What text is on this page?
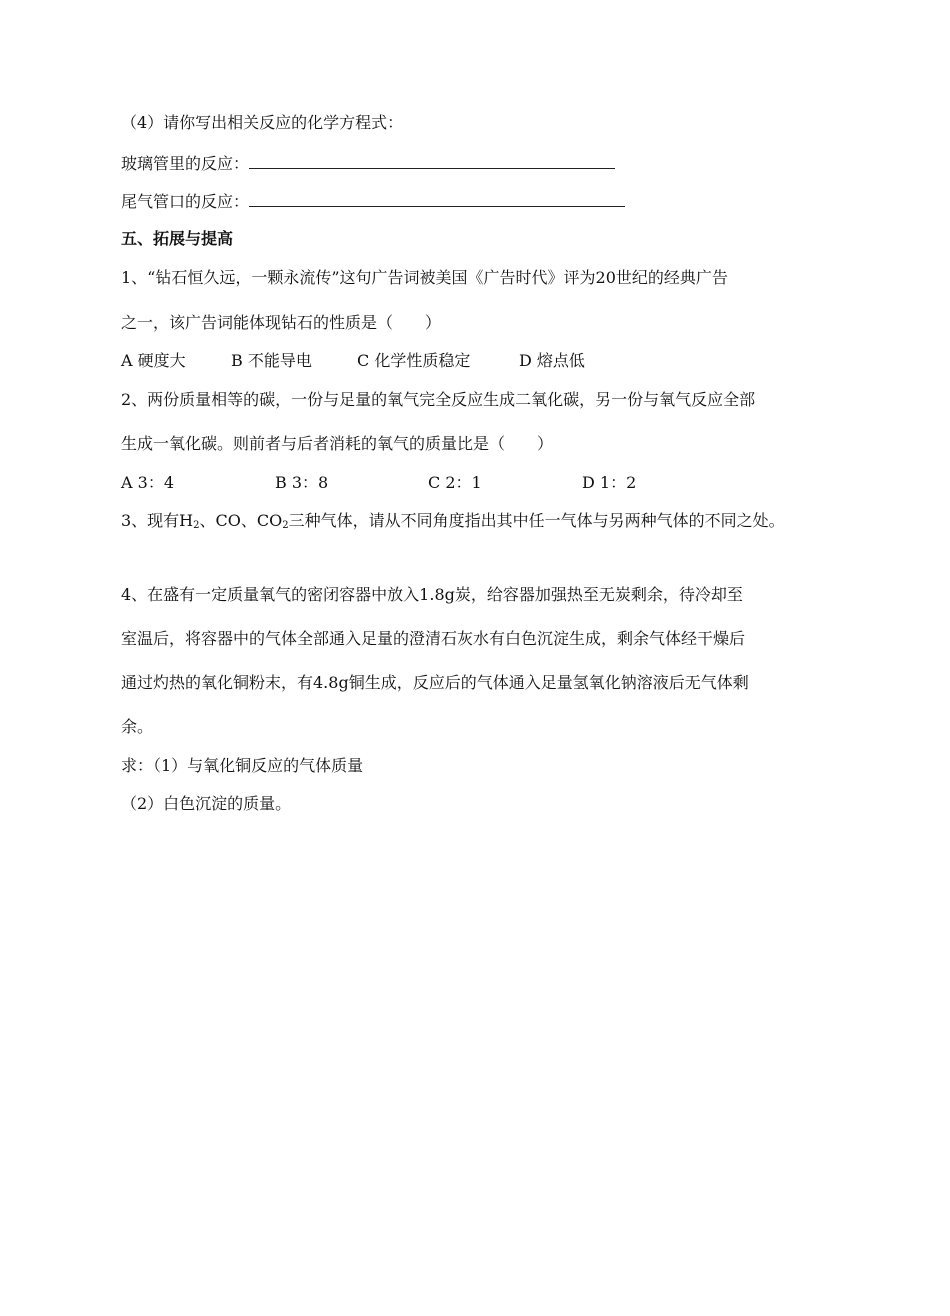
（4）请你写出相关反应的化学方程式：
玻璃管里的反应：
尾气管口的反应：
五、拓展与提高
1、“钻石恒久远，一颗永流传”这句广告词被美国《广告时代》评为20世纪的经典广告
之一，该广告词能体现钻石的性质是（　　）
A 硬度大	B 不能导电	C 化学性质稳定	D 熔点低
2、两份质量相等的碳，一份与足量的氧气完全反应生成二氧化碳，另一份与氧气反应全部
生成一氧化碳。则前者与后者消耗的氧气的质量比是（　　）
A 3：4	B 3：8	C 2：1	D 1：2
3、现有$H_2$、CO、$CO_2$三种气体，请从不同角度指出其中任一气体与另两种气体的不同之处。
4、在盛有一定质量氧气的密闭容器中放入1.8g炭，给容器加强热至无炭剩余，待冷却至
室温后，将容器中的气体全部通入足量的澄清石灰水有白色沉淀生成，剩余气体经干燥后
通过灼热的氧化铜粉末，有4.8g铜生成，反应后的气体通入足量氢氧化钠溶液后无气体剩
余。
求：（1）与氧化铜反应的气体质量
（2）白色沉淀的质量。
